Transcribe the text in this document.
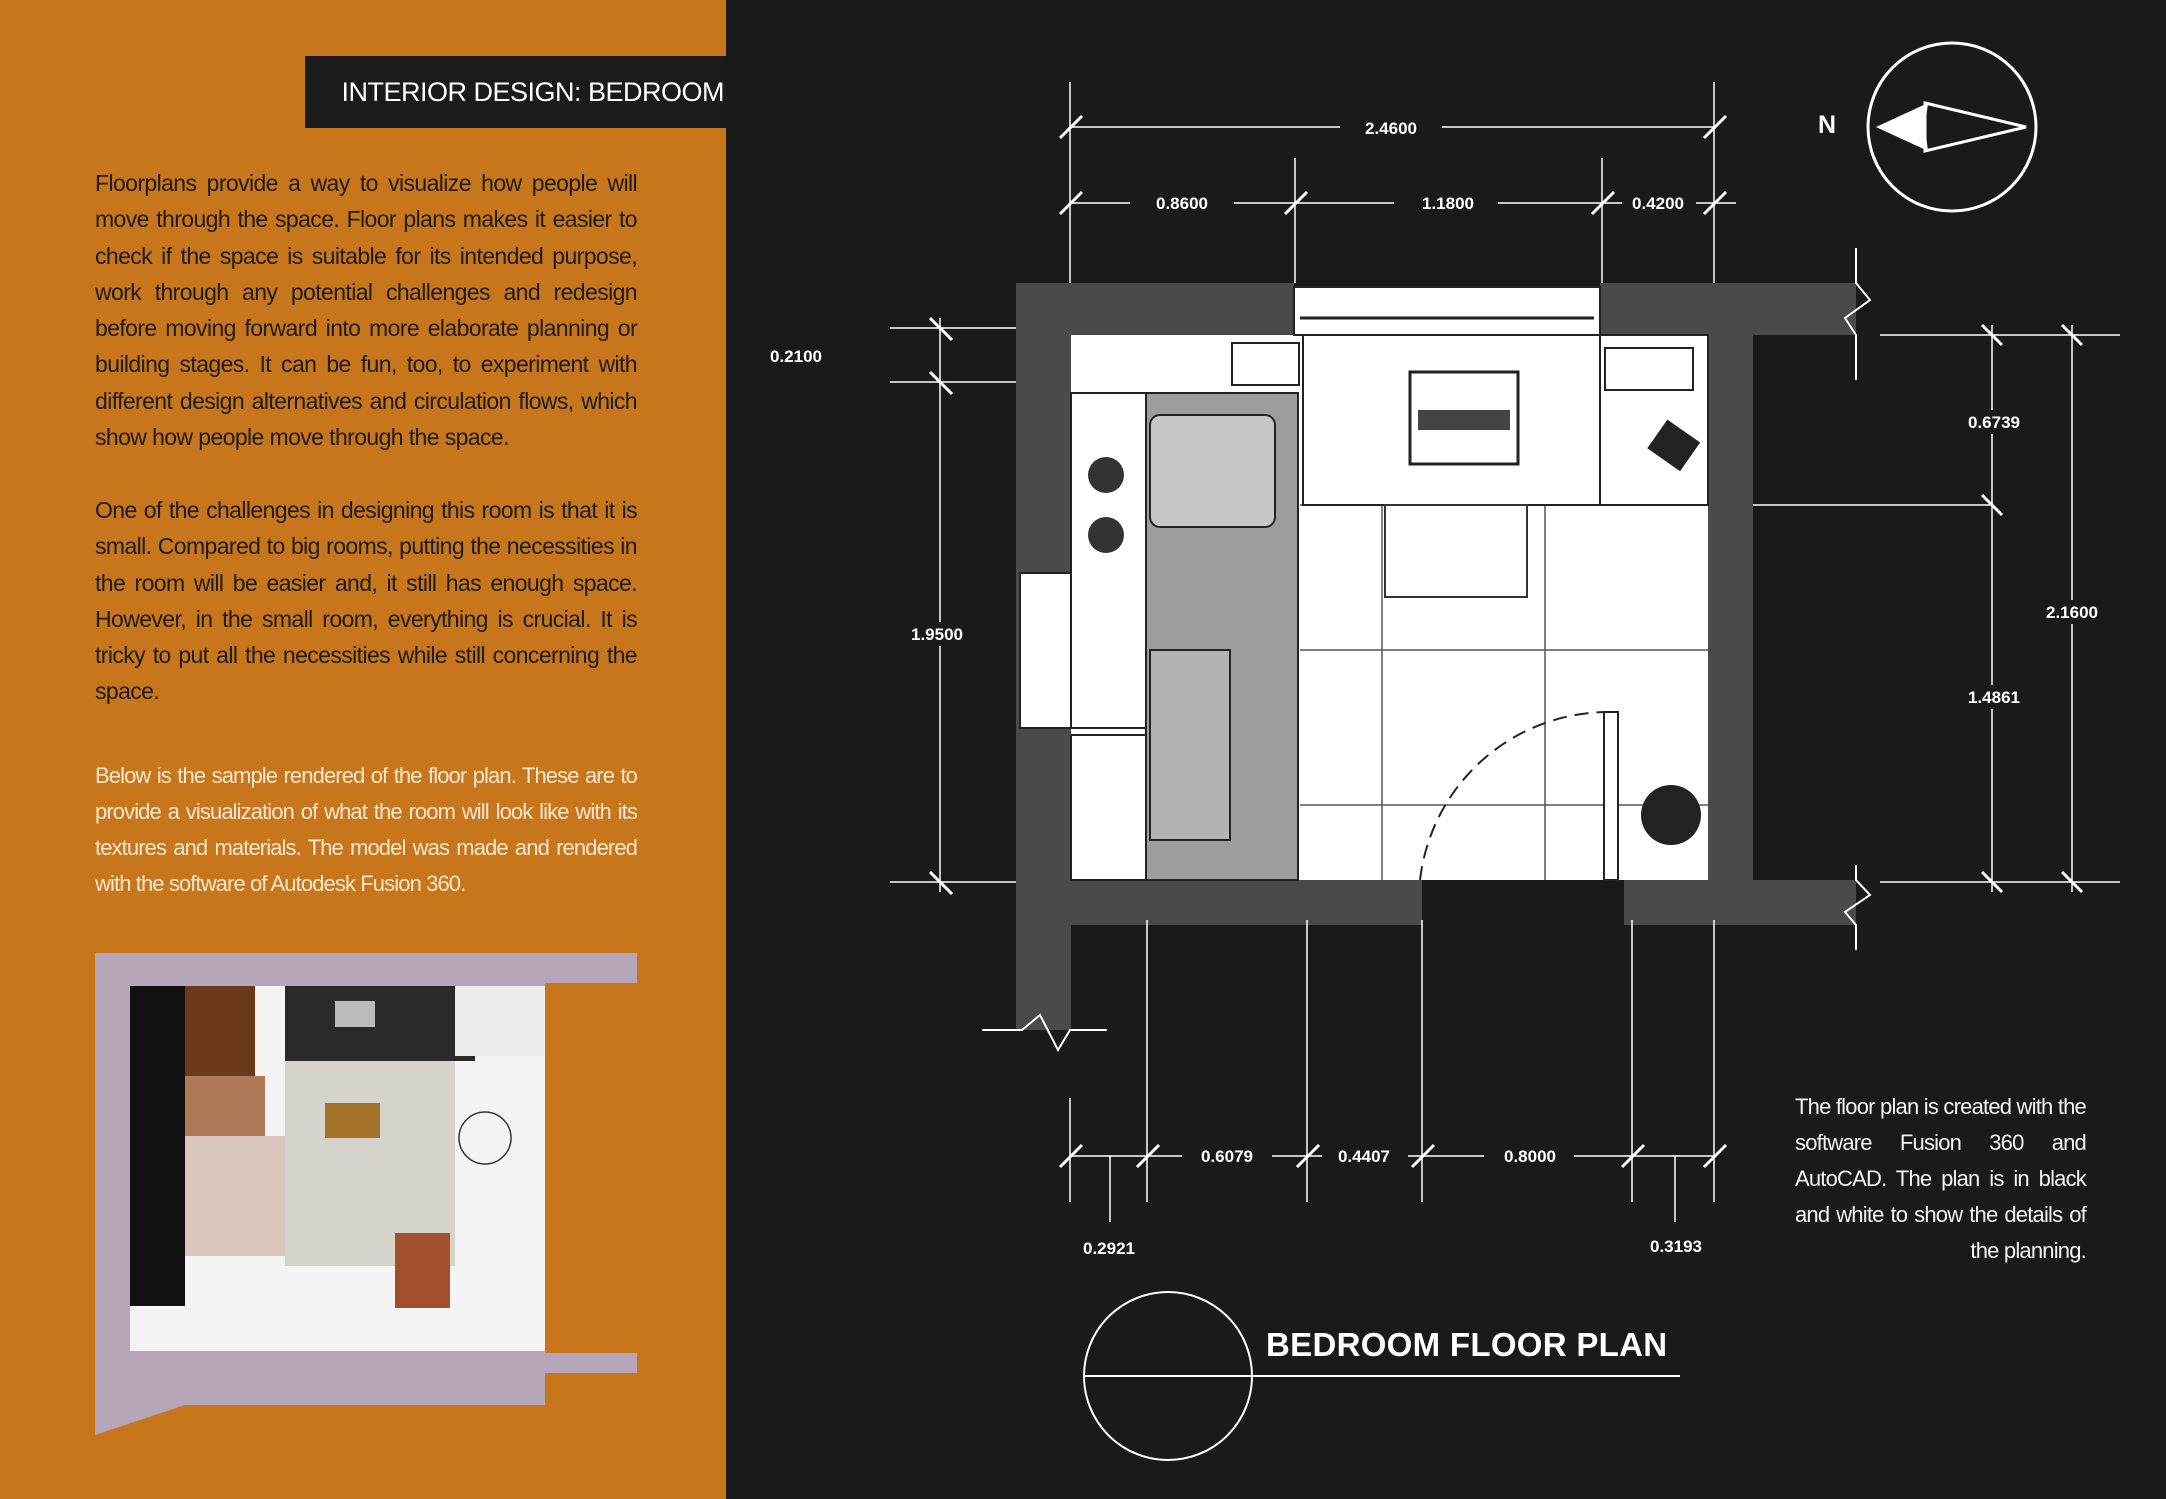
INTERIOR DESIGN: BEDROOM

Floorplans provide a way to visualize how people will move through the space. Floor plans makes it easier to check if the space is suitable for its intended purpose, work through any potential challenges and redesign before moving forward into more elaborate planning or building stages. It can be fun, too, to experiment with different design alternatives and circulation flows, which show how people move through the space.

One of the challenges in designing this room is that it is small. Compared to big rooms, putting the necessities in the room will be easier and, it still has enough space. However, in the small room, everything is crucial. It is tricky to put all the necessities while still concerning the space.

Below is the sample rendered of the floor plan. These are to provide a visualization of what the room will look like with its textures and materials. The model was made and rendered with the software of Autodesk Fusion 360.

2.4600
0.8600	1.1800	0.4200
0.2100
1.9500
0.6739
1.4861
2.1600
0.6079	0.4407	0.8000
0.2921	0.3193
N

The floor plan is created with the software Fusion 360 and AutoCAD. The plan is in black and white to show the details of the planning.

BEDROOM FLOOR PLAN
